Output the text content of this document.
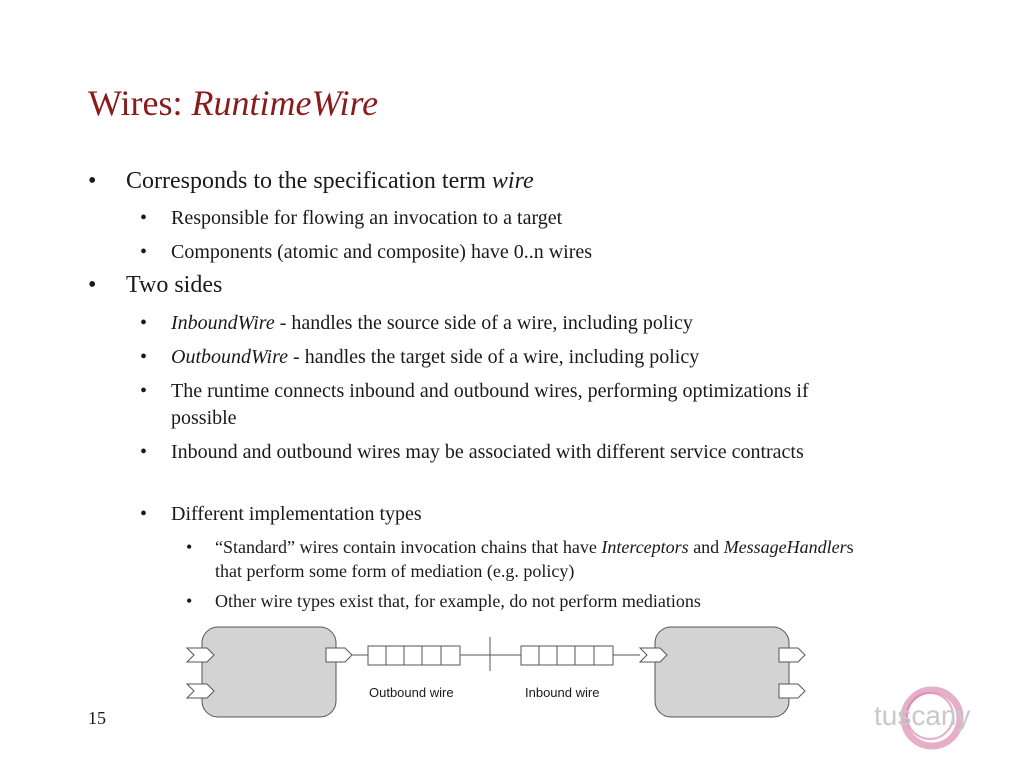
Wires: RuntimeWire
• Corresponds to the specification term wire
• Responsible for flowing an invocation to a target
• Components (atomic and composite) have 0..n wires
• Two sides
• InboundWire - handles the source side of a wire, including policy
• OutboundWire - handles the target side of a wire, including policy
• The runtime connects inbound and outbound wires, performing optimizations if possible
• Inbound and outbound wires may be associated with different service contracts
• Different implementation types
• “Standard” wires contain invocation chains that have Interceptors and MessageHandlers that perform some form of mediation (e.g. policy)
• Other wire types exist that, for example, do not perform mediations
Outbound wire	Inbound wire
tuscany
15
